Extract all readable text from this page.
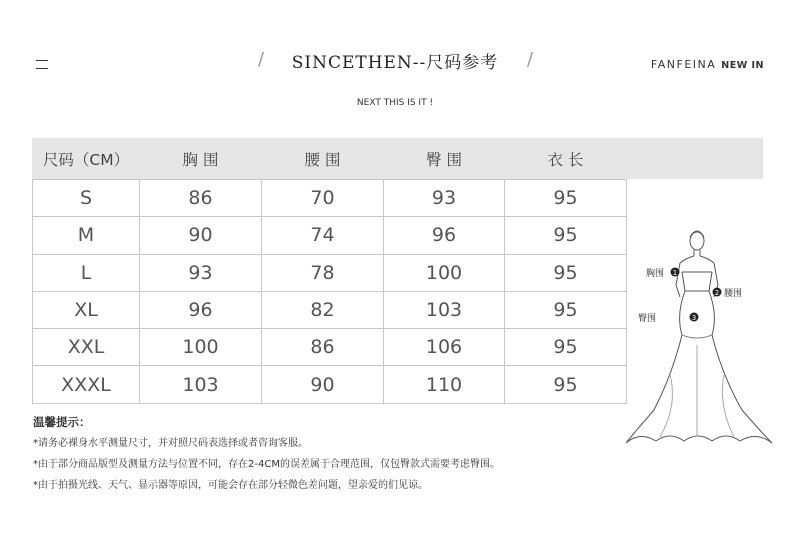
/	SINCETHEN--尺码参考	/	FANFEINA NEW IN
NEXT THIS IS IT !
尺码（CM）	胸 围	腰 围	臀 围	衣 长
S	86	70	93	95
M	90	74	96	95
L	93	78	100	95
XL	96	82	103	95
XXL	100	86	106	95
XXXL	103	90	110	95
1
2
3
胸围
腰围
臀围
温馨提示：
*请务必裸身水平测量尺寸，并对照尺码表选择或者咨询客服。
*由于部分商品版型及测量方法与位置不同，存在2-4CM的误差属于合理范围，仅包臀款式需要考虑臀围。
*由于拍摄光线、天气、显示器等原因，可能会存在部分轻微色差问题，望亲爱的们见谅。
